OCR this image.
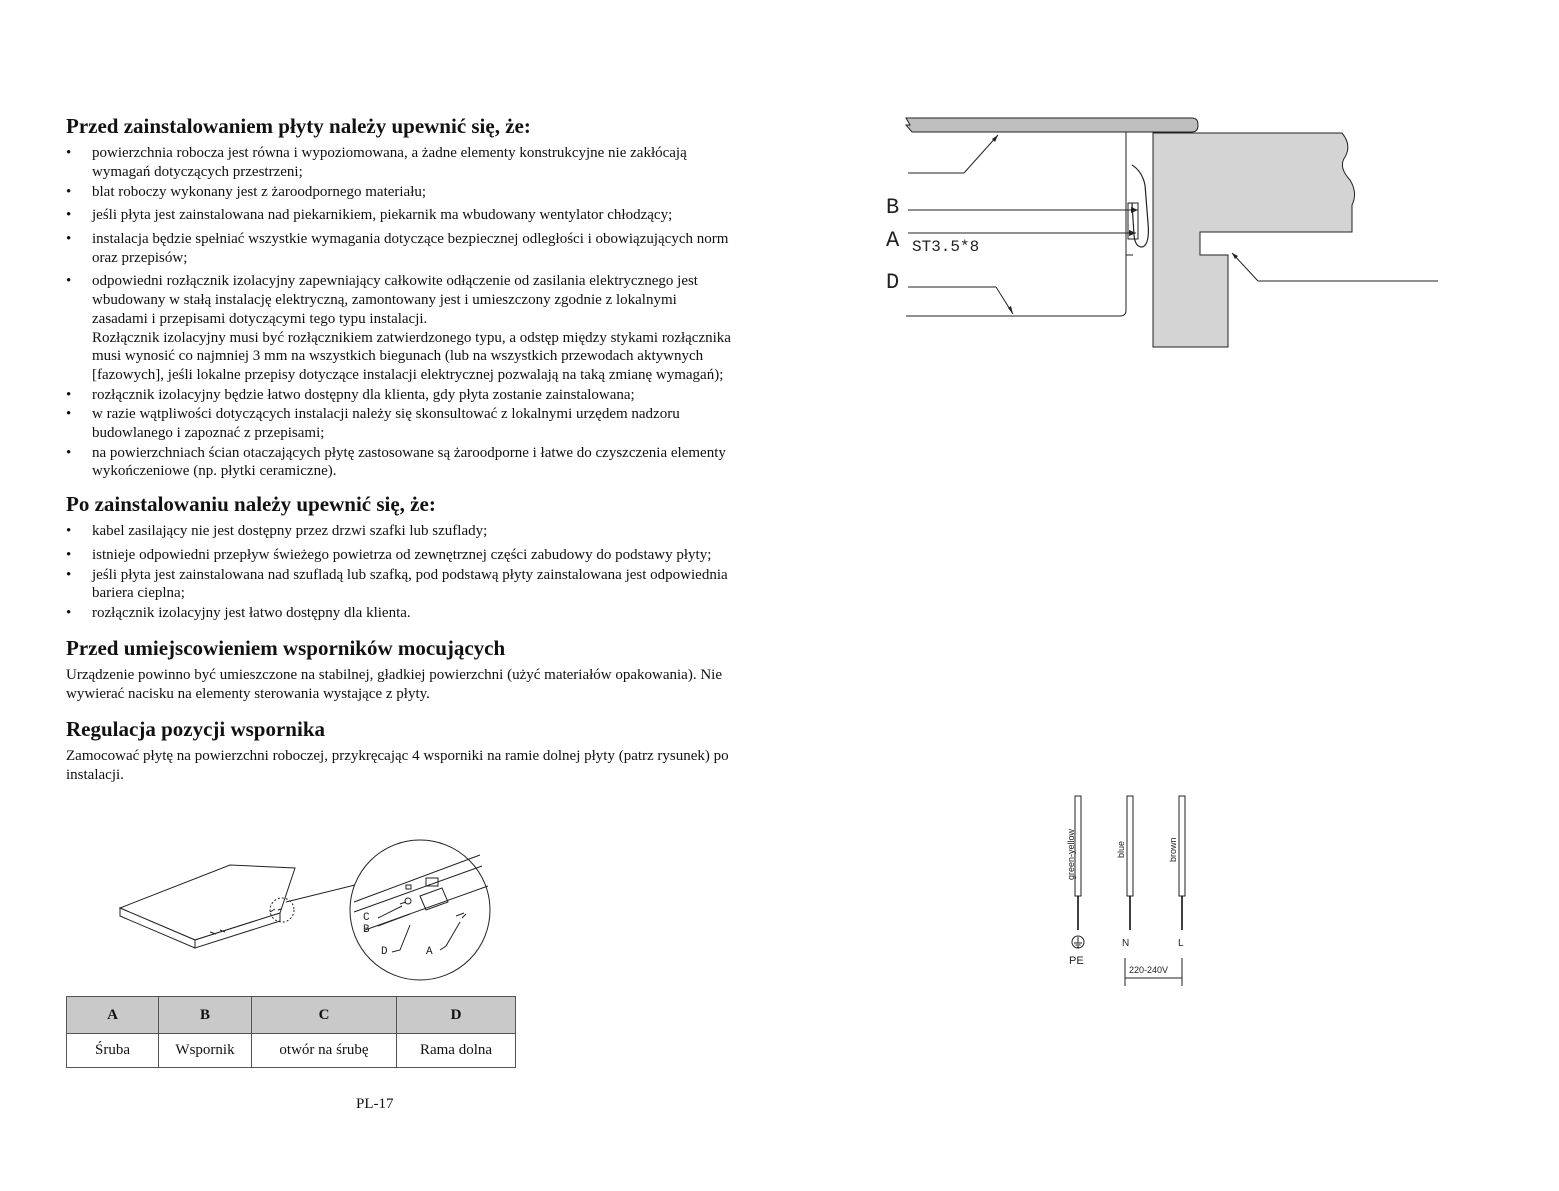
Przed zainstalowaniem płyty należy upewnić się, że:
• powierzchnia robocza jest równa i wypoziomowana, a żadne elementy konstrukcyjne nie zakłócają wymagań dotyczących przestrzeni;
• blat roboczy wykonany jest z żaroodpornego materiału;
• jeśli płyta jest zainstalowana nad piekarnikiem, piekarnik ma wbudowany wentylator chłodzący;
• instalacja będzie spełniać wszystkie wymagania dotyczące bezpiecznej odległości i obowiązujących norm oraz przepisów;
• odpowiedni rozłącznik izolacyjny zapewniający całkowite odłączenie od zasilania elektrycznego jest wbudowany w stałą instalację elektryczną, zamontowany jest i umieszczony zgodnie z lokalnymi zasadami i przepisami dotyczącymi tego typu instalacji.
Rozłącznik izolacyjny musi być rozłącznikiem zatwierdzonego typu, a odstęp między stykami rozłącznika musi wynosić co najmniej 3 mm na wszystkich biegunach (lub na wszystkich przewodach aktywnych [fazowych], jeśli lokalne przepisy dotyczące instalacji elektrycznej pozwalają na taką zmianę wymagań);
• rozłącznik izolacyjny będzie łatwo dostępny dla klienta, gdy płyta zostanie zainstalowana;
• w razie wątpliwości dotyczących instalacji należy się skonsultować z lokalnymi urzędem nadzoru budowlanego i zapoznać z przepisami;
• na powierzchniach ścian otaczających płytę zastosowane są żaroodporne i łatwe do czyszczenia elementy wykończeniowe (np. płytki ceramiczne).
Po zainstalowaniu należy upewnić się, że:
• kabel zasilający nie jest dostępny przez drzwi szafki lub szuflady;
• istnieje odpowiedni przepływ świeżego powietrza od zewnętrznej części zabudowy do podstawy płyty;
• jeśli płyta jest zainstalowana nad szufladą lub szafką, pod podstawą płyty zainstalowana jest odpowiednia bariera cieplna;
• rozłącznik izolacyjny jest łatwo dostępny dla klienta.
Przed umiejscowieniem wsporników mocujących

Urządzenie powinno być umieszczone na stabilnej, gładkiej powierzchni (użyć materiałów opakowania). Nie wywierać nacisku na elementy sterowania wystające z płyty.

Regulacja pozycji wspornika

Zamocować płytę na powierzchni roboczej, przykręcając 4 wsporniki na ramie dolnej płyty (patrz rysunek) po instalacji.

C
B
D	A
A	B	C	D
Śruba	Wspornik	otwór na śrubę	Rama dolna
PL-17
B
A
D
ST3.5*8
green-yellow	blue	brown
PE
N	L
220-240V
